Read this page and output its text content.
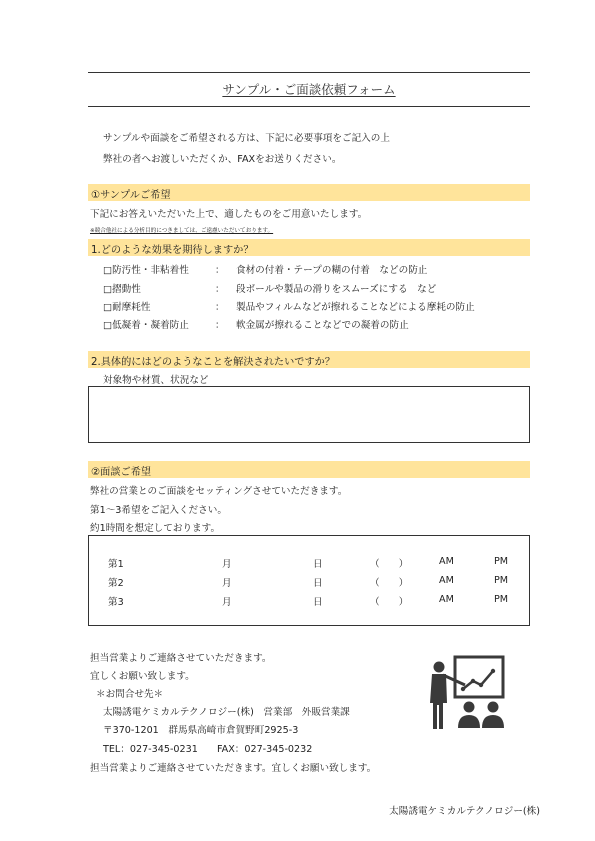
サンプル・ご面談依頼フォーム
サンプルや面談をご希望される方は、下記に必要事項をご記入の上
弊社の者へお渡しいただくか、FAXをお送りください。
①サンプルご希望
下記にお答えいただいた上で、適したものをご用意いたします。
※競合他社による分析目的につきましては、ご遠慮いただいております。
1.どのような効果を期待しますか？
□防汚性・非粘着性	： 食材の付着・テープの糊の付着　などの防止
□摺動性	： 段ボールや製品の滑りをスムーズにする　など
□耐摩耗性	： 製品やフィルムなどが擦れることなどによる摩耗の防止
□低凝着・凝着防止	： 軟金属が擦れることなどでの凝着の防止
2.具体的にはどのようなことを解決されたいですか？
対象物や材質、状況など
②面談ご希望
弊社の営業とのご面談をセッティングさせていただきます。
第1～3希望をご記入ください。
約1時間を想定しております。
第1	月	日	（　　）	AM	PM
第2	月	日	（　　）	AM	PM
第3	月	日	（　　）	AM	PM
担当営業よりご連絡させていただきます。
宜しくお願い致します。
＊お問合せ先＊
太陽誘電ケミカルテクノロジー(株)　営業部　外販営業課
〒370-1201　群馬県高崎市倉賀野町2925-3
TEL：027-345-0231　　FAX：027-345-0232
担当営業よりご連絡させていただきます。宜しくお願い致します。
太陽誘電ケミカルテクノロジー(株)
